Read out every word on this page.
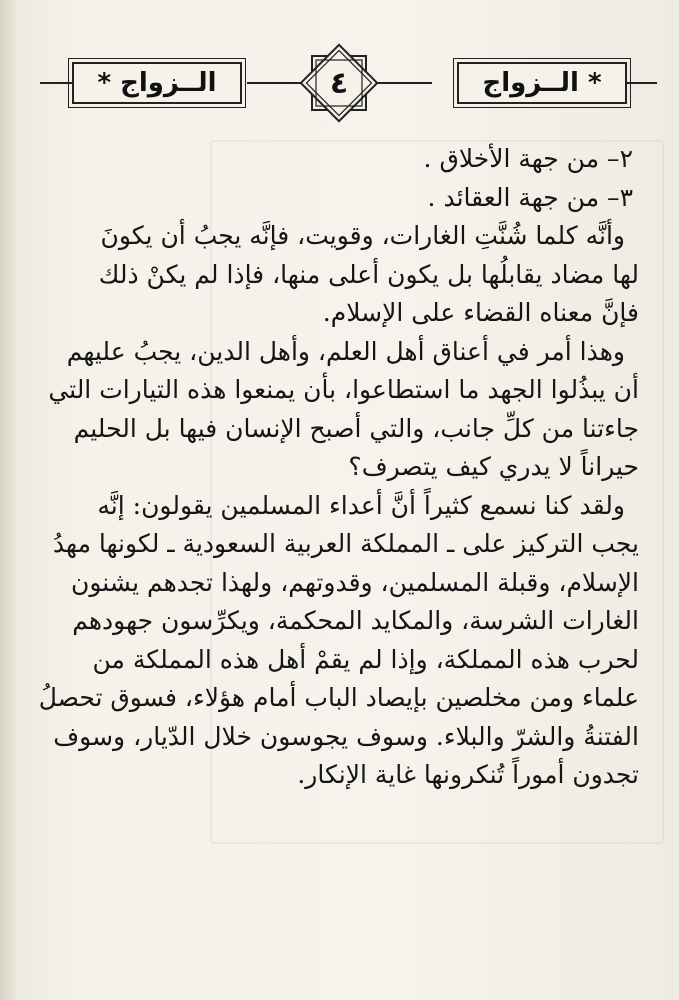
الــزواج *	* الــزواج
٤
٢– من جهة الأخلاق .
٣– من جهة العقائد .
وأنَّه كلما شُنَّتِ الغارات، وقويت، فإنَّه يجبُ أن يكونَ
لها مضاد يقابلُها بل يكون أعلى منها، فإذا لم يكنْ ذلك
فإنَّ معناه القضاء على الإسلام.
وهذا أمر في أعناق أهل العلم، وأهل الدين، يجبُ عليهم
أن يبذُلوا الجهد ما استطاعوا، بأن يمنعوا هذه التيارات التي
جاءتنا من كلِّ جانب، والتي أصبح الإنسان فيها بل الحليم
حيراناً لا يدري كيف يتصرف؟
ولقد كنا نسمع كثيراً أنَّ أعداء المسلمين يقولون: إنَّه
يجب التركيز على ـ المملكة العربية السعودية ـ لكونها مهدُ
الإسلام، وقبلة المسلمين، وقدوتهم، ولهذا تجدهم يشنون
الغارات الشرسة، والمكايد المحكمة، ويكرِّسون جهودهم
لحرب هذه المملكة، وإذا لم يقمْ أهل هذه المملكة من
علماء ومن مخلصين بإيصاد الباب أمام هؤلاء، فسوق تحصلُ
الفتنةُ والشرّ والبلاء. وسوف يجوسون خلال الدّيار، وسوف
تجدون أموراً تُنكرونها غاية الإنكار.
